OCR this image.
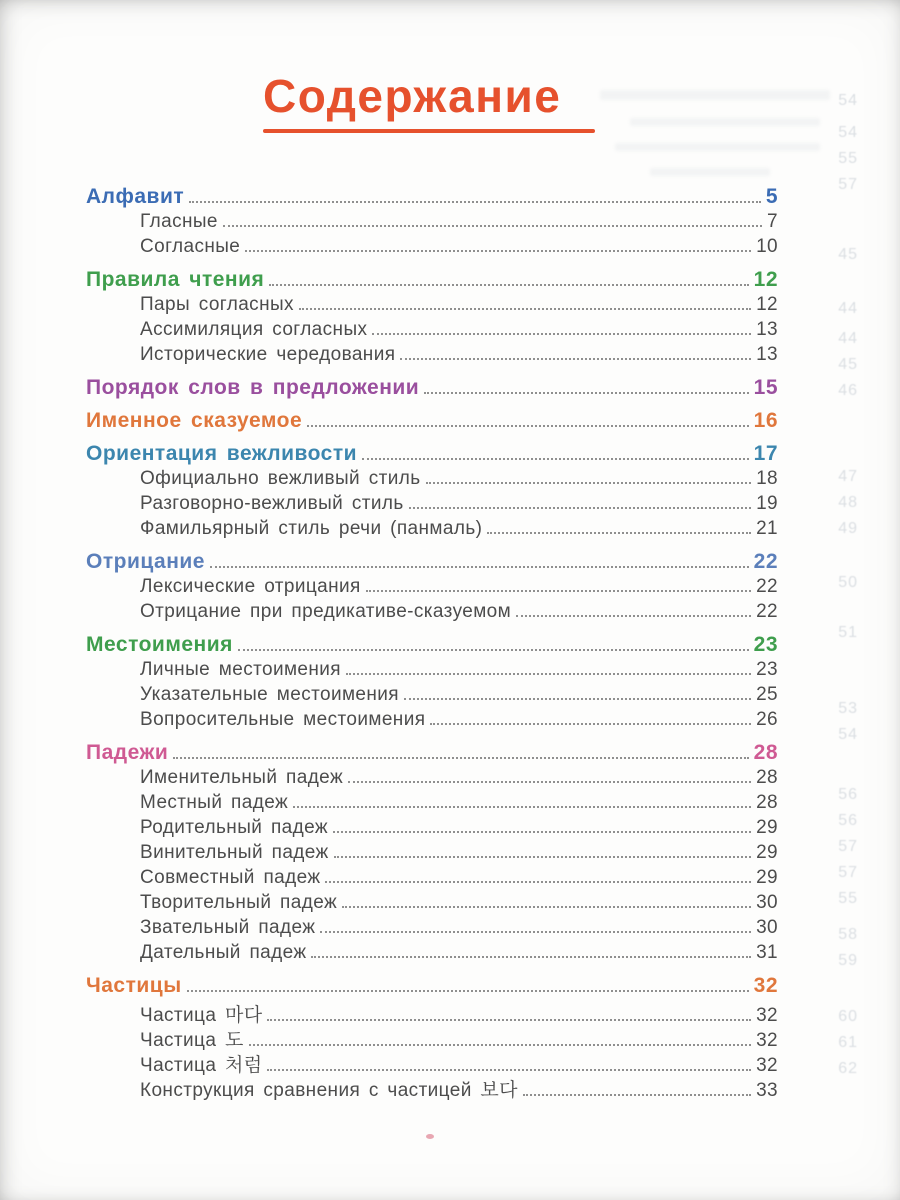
54
54
55
57
45
44
44
45
46
47
48
49
50
51
53
54
56
56
57
57
55
58
59
60
61
62
Содержание
Алфавит	5
Гласные	7
Согласные	10
Правила чтения	12
Пары согласных	12
Ассимиляция согласных	13
Исторические чередования	13
Порядок слов в предложении	15
Именное сказуемое	16
Ориентация вежливости	17
Официально вежливый стиль	18
Разговорно-вежливый стиль	19
Фамильярный стиль речи (панмаль)	21
Отрицание	22
Лексические отрицания	22
Отрицание при предикативе-сказуемом	22
Местоимения	23
Личные местоимения	23
Указательные местоимения	25
Вопросительные местоимения	26
Падежи	28
Именительный падеж	28
Местный падеж	28
Родительный падеж	29
Винительный падеж	29
Совместный падеж	29
Творительный падеж	30
Звательный падеж	30
Дательный падеж	31
Частицы	32
Частица 마다	32
Частица 도	32
Частица 처럼	32
Конструкция сравнения с частицей 보다	33
